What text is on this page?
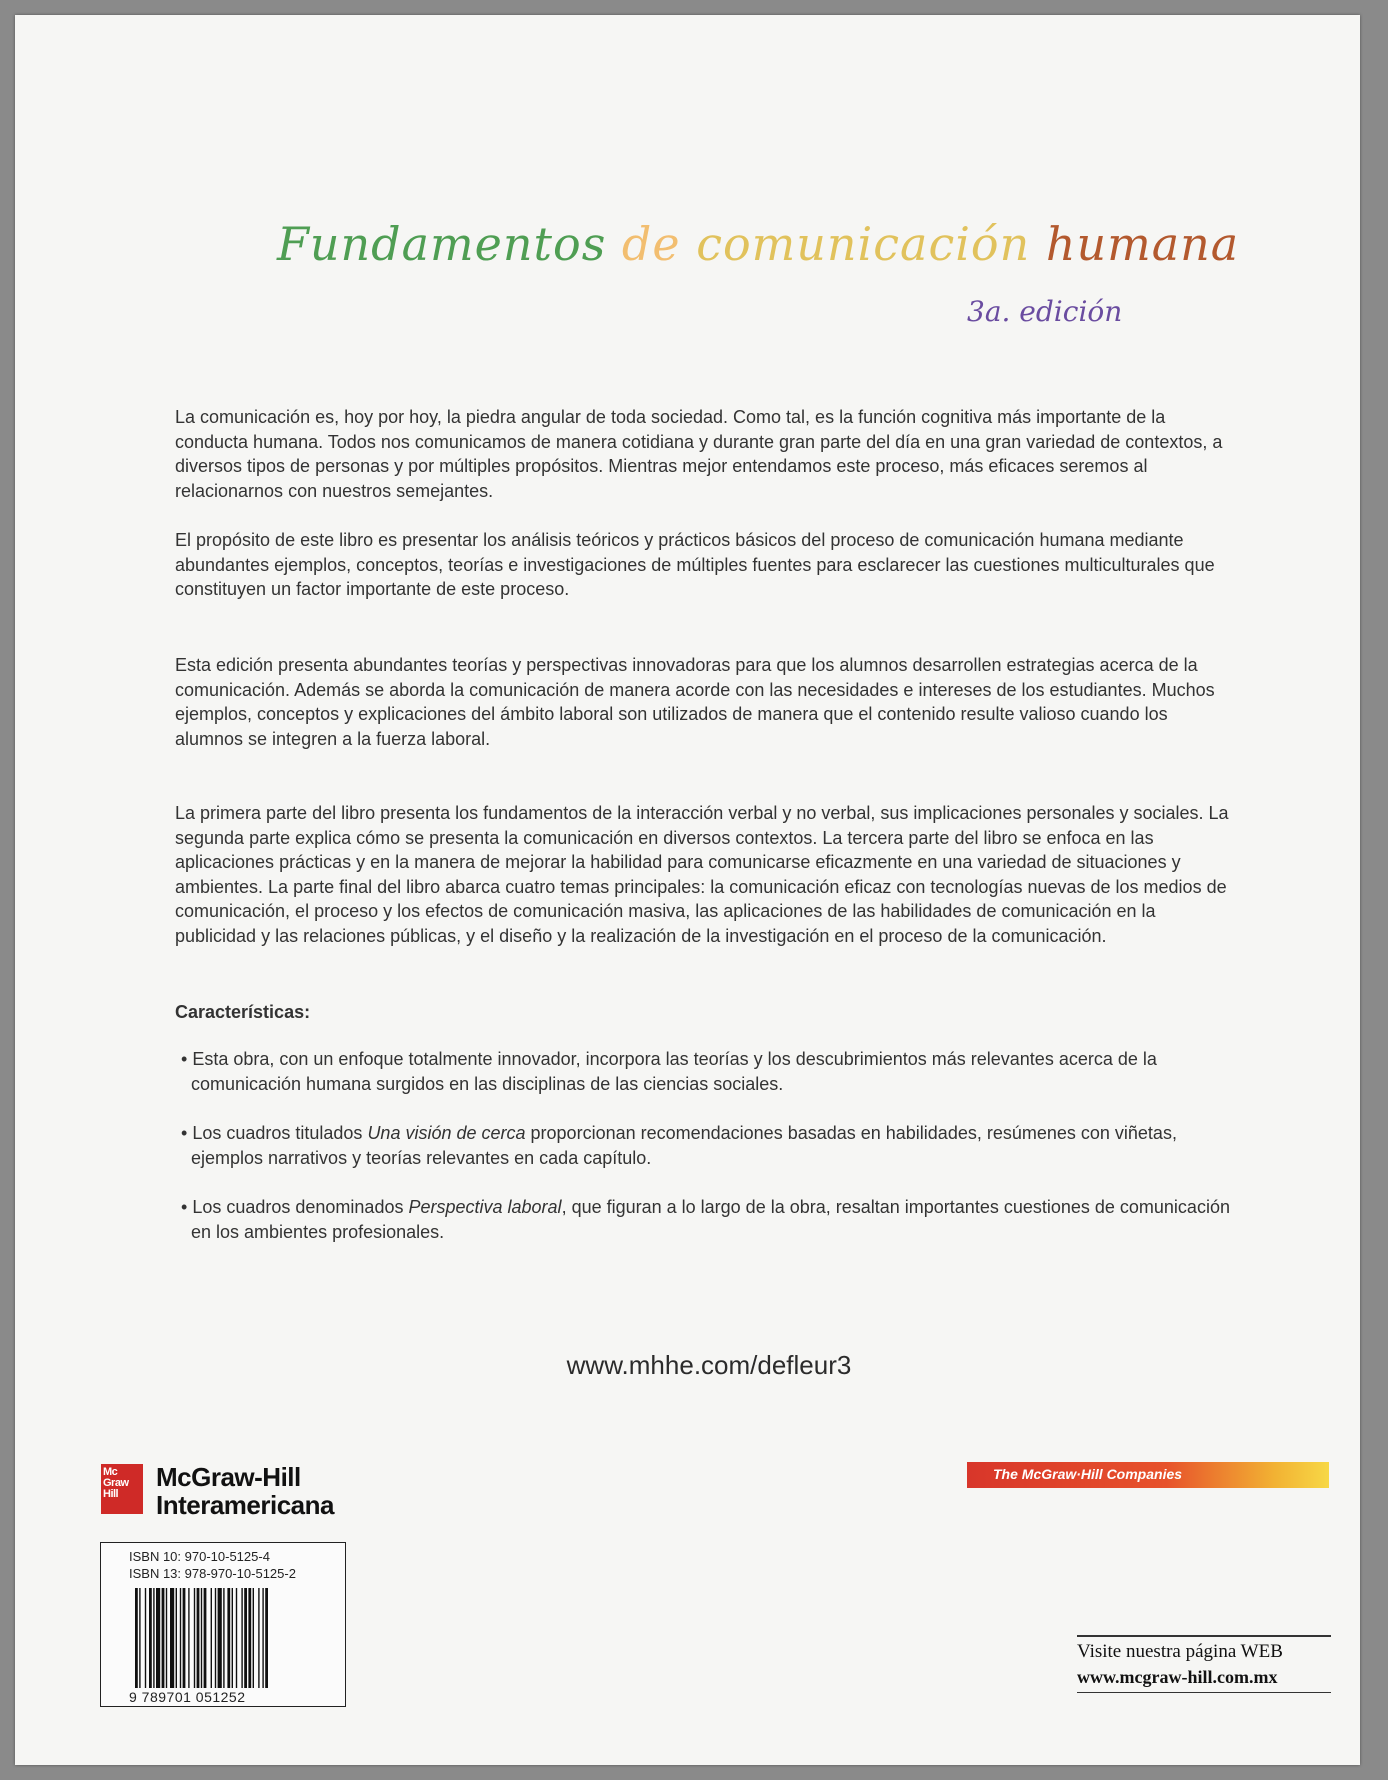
Fundamentos de comunicación humana
3a. edición

La comunicación es, hoy por hoy, la piedra angular de toda sociedad. Como tal, es la función cognitiva más importante de la conducta humana. Todos nos comunicamos de manera cotidiana y durante gran parte del día en una gran variedad de contextos, a diversos tipos de personas y por múltiples propósitos. Mientras mejor entendamos este proceso, más eficaces seremos al relacionarnos con nuestros semejantes.

El propósito de este libro es presentar los análisis teóricos y prácticos básicos del proceso de comunicación humana mediante abundantes ejemplos, conceptos, teorías e investigaciones de múltiples fuentes para esclarecer las cuestiones multiculturales que constituyen un factor importante de este proceso.

Esta edición presenta abundantes teorías y perspectivas innovadoras para que los alumnos desarrollen estrategias acerca de la comunicación. Además se aborda la comunicación de manera acorde con las necesidades e intereses de los estudiantes. Muchos ejemplos, conceptos y explicaciones del ámbito laboral son utilizados de manera que el contenido resulte valioso cuando los alumnos se integren a la fuerza laboral.

La primera parte del libro presenta los fundamentos de la interacción verbal y no verbal, sus implicaciones personales y sociales. La segunda parte explica cómo se presenta la comunicación en diversos contextos. La tercera parte del libro se enfoca en las aplicaciones prácticas y en la manera de mejorar la habilidad para comunicarse eficazmente en una variedad de situaciones y ambientes. La parte final del libro abarca cuatro temas principales: la comunicación eficaz con tecnologías nuevas de los medios de comunicación, el proceso y los efectos de comunicación masiva, las aplicaciones de las habilidades de comunicación en la publicidad y las relaciones públicas, y el diseño y la realización de la investigación en el proceso de la comunicación.

Características:

• Esta obra, con un enfoque totalmente innovador, incorpora las teorías y los descubrimientos más relevantes acerca de la comunicación humana surgidos en las disciplinas de las ciencias sociales.

• Los cuadros titulados Una visión de cerca proporcionan recomendaciones basadas en habilidades, resúmenes con viñetas, ejemplos narrativos y teorías relevantes en cada capítulo.

• Los cuadros denominados Perspectiva laboral, que figuran a lo largo de la obra, resaltan importantes cuestiones de comunicación en los ambientes profesionales.

www.mhhe.com/defleur3
Mc Graw Hill
McGraw-Hill
Interamericana
The McGraw·Hill Companies
ISBN 10: 970-10-5125-4
ISBN 13: 978-970-10-5125-2
9 789701 051252
Visite nuestra página WEB
www.mcgraw-hill.com.mx
